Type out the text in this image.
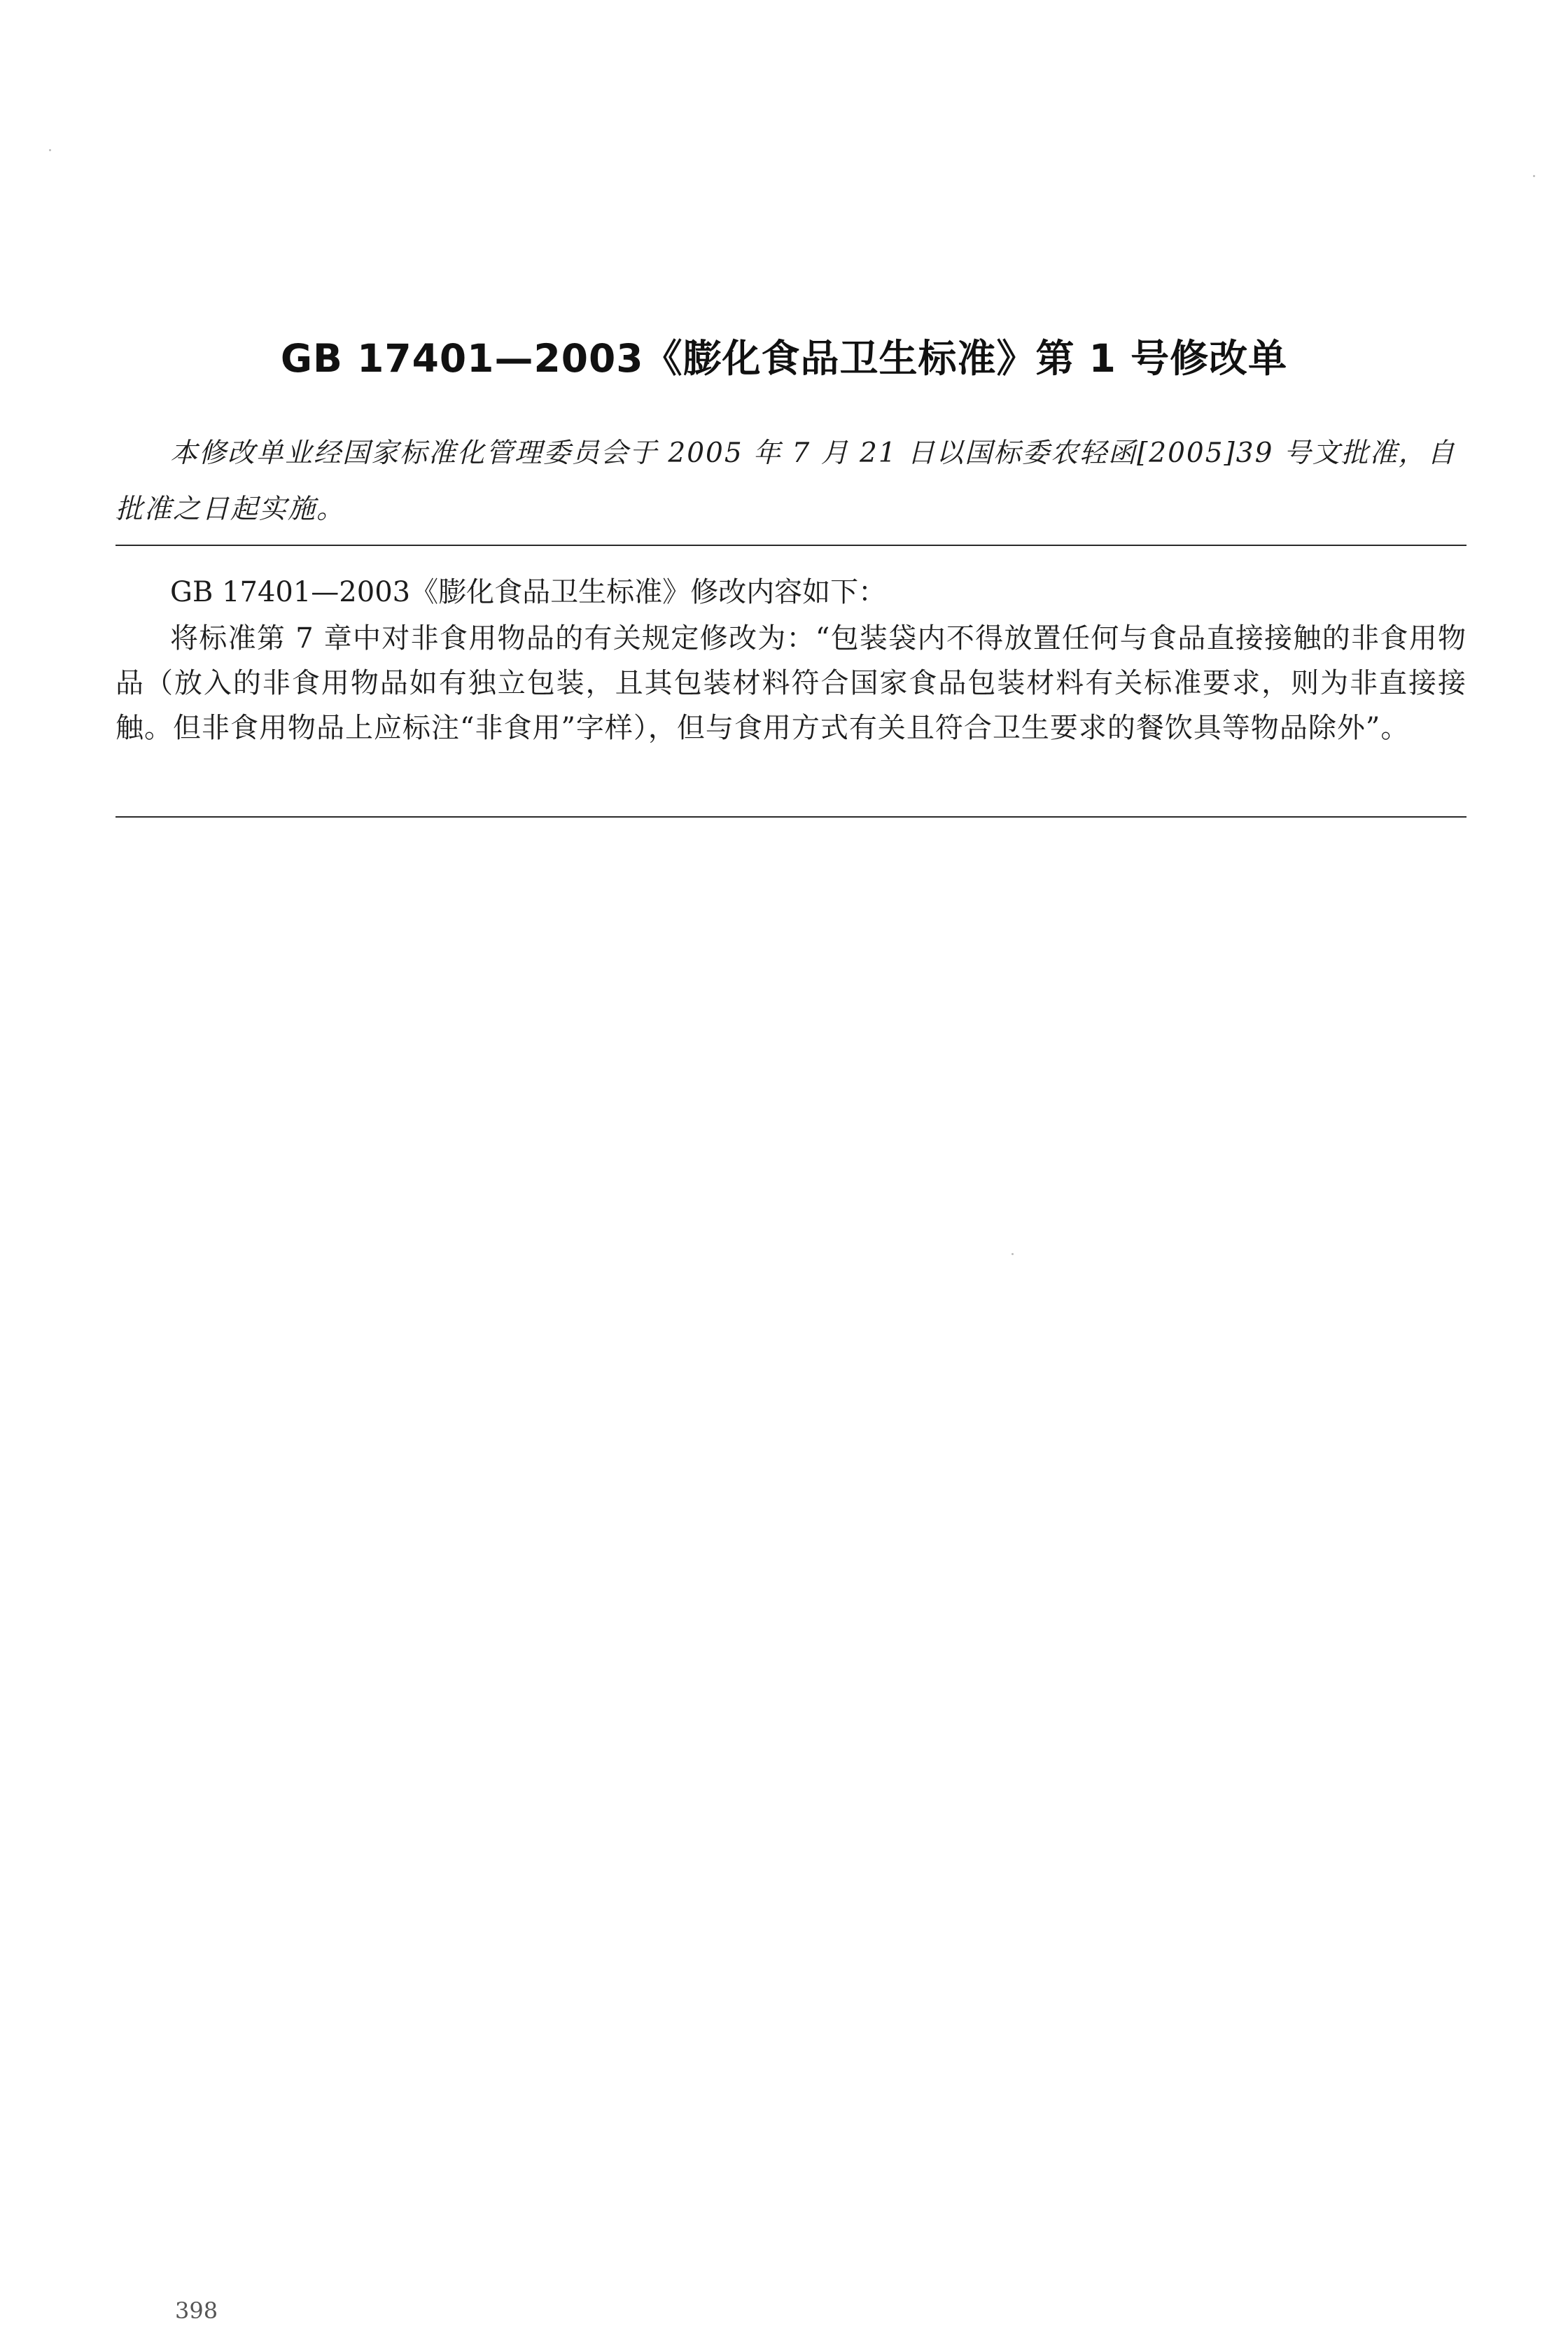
GB 17401—2003《膨化食品卫生标准》第 1 号修改单

本修改单业经国家标准化管理委员会于 2005 年 7 月 21 日以国标委农轻函[2005]39 号文批准，自批准之日起实施。

GB 17401—2003《膨化食品卫生标准》修改内容如下：

将标准第 7 章中对非食用物品的有关规定修改为：“包装袋内不得放置任何与食品直接接触的非食用物品（放入的非食用物品如有独立包装，且其包装材料符合国家食品包装材料有关标准要求，则为非直接接触。但非食用物品上应标注“非食用”字样），但与食用方式有关且符合卫生要求的餐饮具等物品除外”。

398
